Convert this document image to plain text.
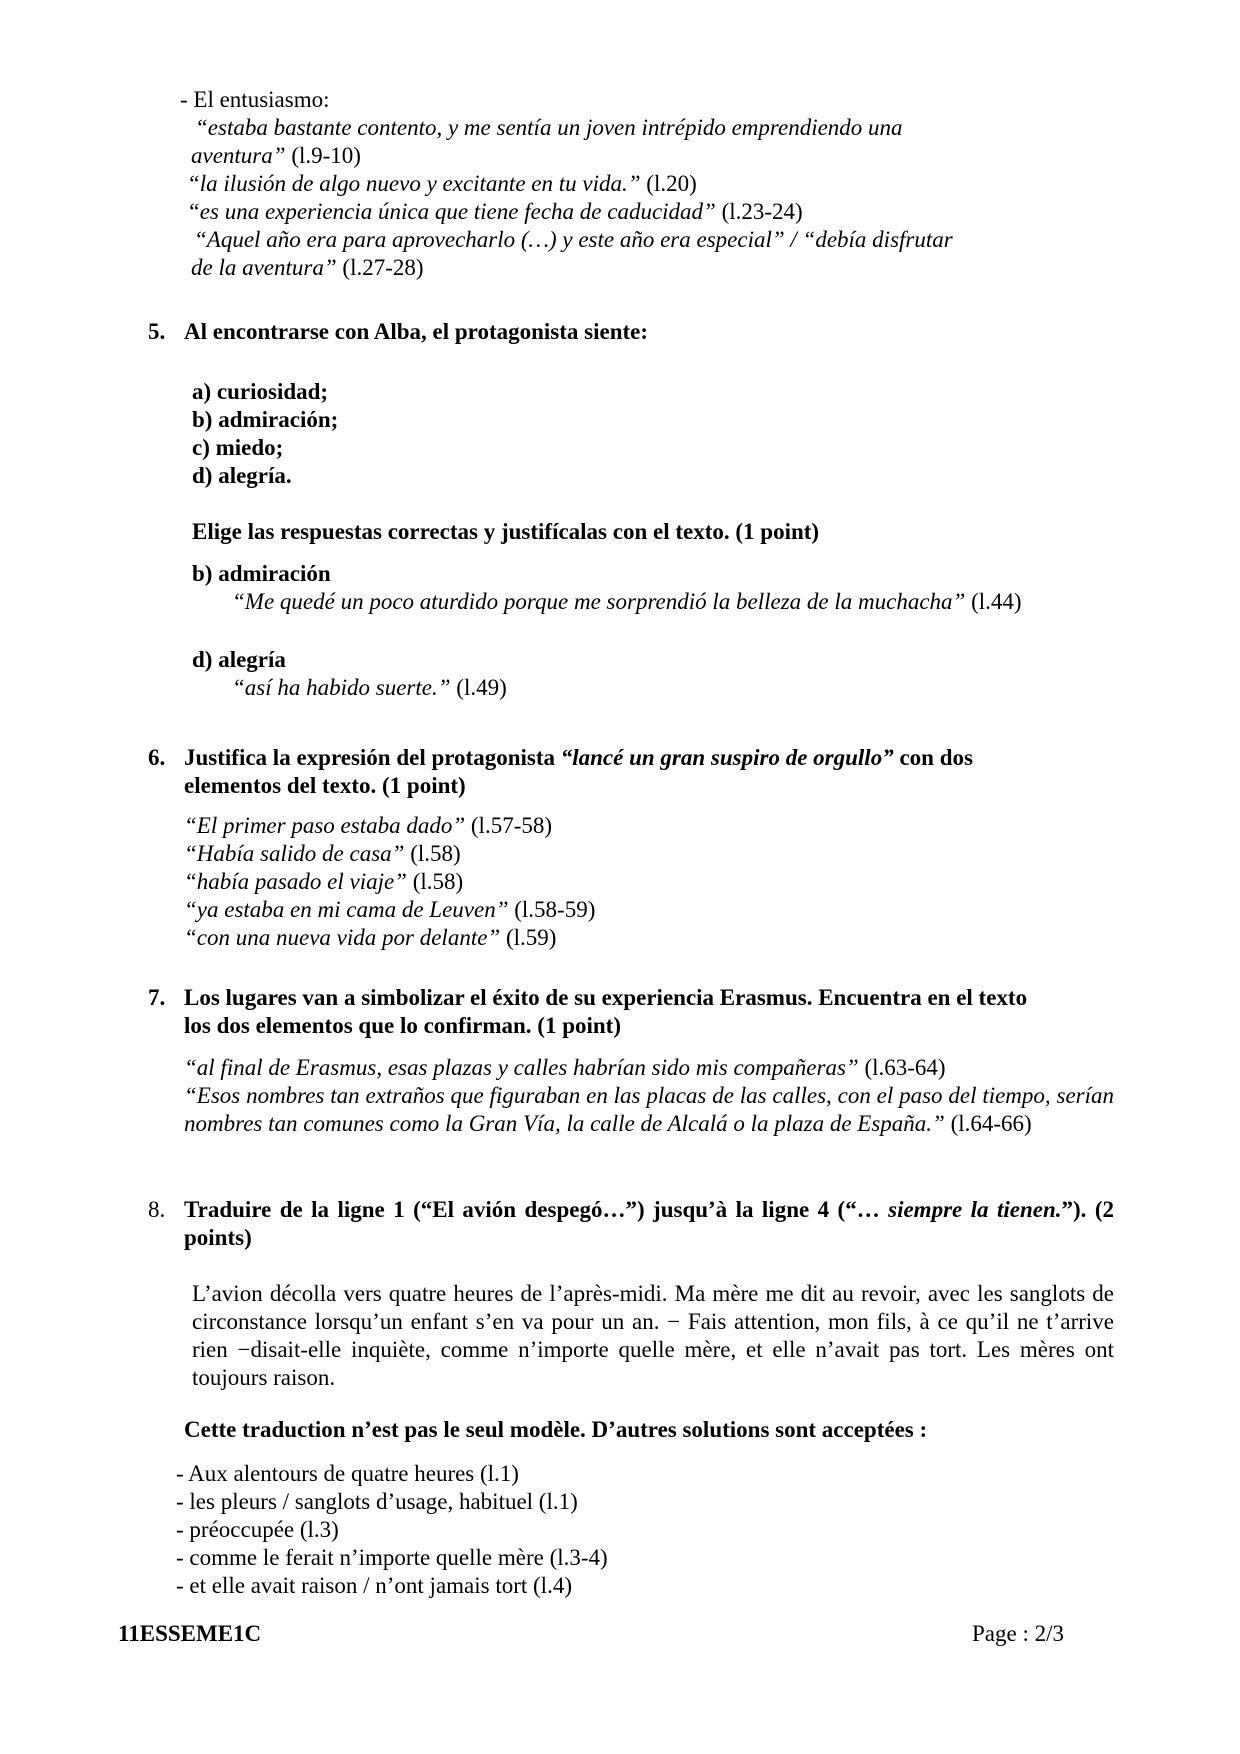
- El entusiasmo:
“estaba bastante contento, y me sentía un joven intrépido emprendiendo una
aventura” (l.9-10)
“la ilusión de algo nuevo y excitante en tu vida.” (l.20)
“es una experiencia única que tiene fecha de caducidad” (l.23-24)
“Aquel año era para aprovecharlo (…) y este año era especial” / “debía disfrutar
de la aventura” (l.27-28)
5. Al encontrarse con Alba, el protagonista siente:
a) curiosidad;
b) admiración;
c) miedo;
d) alegría.
Elige las respuestas correctas y justifícalas con el texto. (1 point)
b) admiración
“Me quedé un poco aturdido porque me sorprendió la belleza de la muchacha” (l.44)
d) alegría
“así ha habido suerte.” (l.49)
6. Justifica la expresión del protagonista “lancé un gran suspiro de orgullo” con dos
elementos del texto. (1 point)
“El primer paso estaba dado” (l.57-58)
“Había salido de casa” (l.58)
“había pasado el viaje” (l.58)
“ya estaba en mi cama de Leuven” (l.58-59)
“con una nueva vida por delante” (l.59)
7. Los lugares van a simbolizar el éxito de su experiencia Erasmus. Encuentra en el texto
los dos elementos que lo confirman. (1 point)
“al final de Erasmus, esas plazas y calles habrían sido mis compañeras” (l.63-64)
“Esos nombres tan extraños que figuraban en las placas de las calles, con el paso del tiempo, serían nombres tan comunes como la Gran Vía, la calle de Alcalá o la plaza de España.” (l.64-66)
8. Traduire de la ligne 1 (“El avión despegó…”) jusqu’à la ligne 4 (“… siempre la tienen.”). (2 points)
L’avion décolla vers quatre heures de l’après-midi. Ma mère me dit au revoir, avec les sanglots de circonstance lorsqu’un enfant s’en va pour un an. − Fais attention, mon fils, à ce qu’il ne t’arrive rien −disait-elle inquiète, comme n’importe quelle mère, et elle n’avait pas tort. Les mères ont toujours raison.
Cette traduction n’est pas le seul modèle. D’autres solutions sont acceptées :
- Aux alentours de quatre heures (l.1)
- les pleurs / sanglots d’usage, habituel (l.1)
- préoccupée (l.3)
- comme le ferait n’importe quelle mère (l.3-4)
- et elle avait raison / n’ont jamais tort (l.4)
11ESSEME1C	Page : 2/3
